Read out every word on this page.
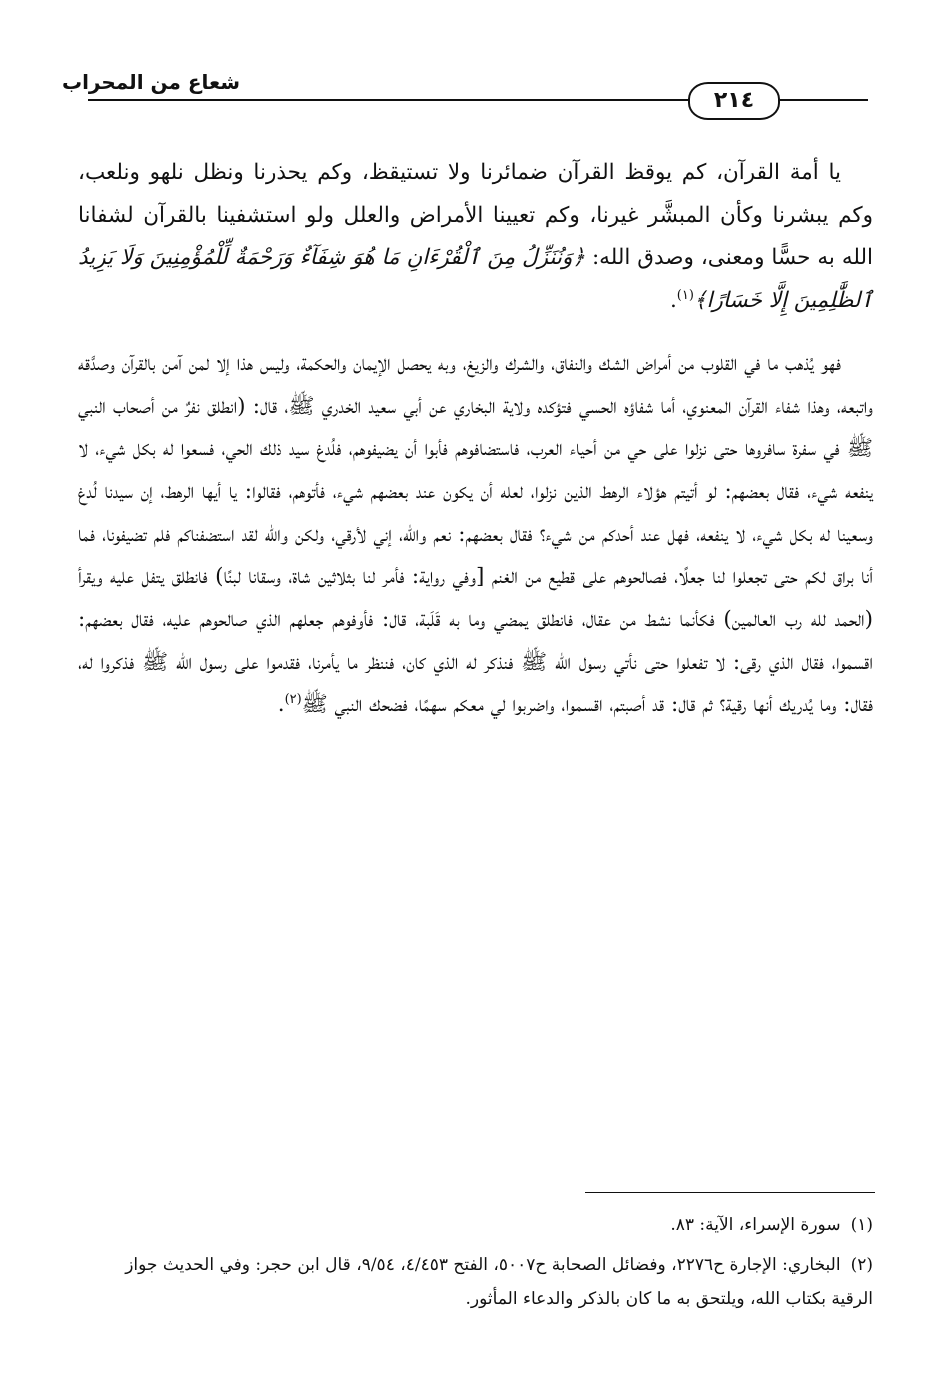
شعاع من المحراب
٢١٤

يا أمة القرآن، كم يوقظ القرآن ضمائرنا ولا تستيقظ، وكم يحذرنا ونظل نلهو ونلعب، وكم يبشرنا وكأن المبشَّر غيرنا، وكم تعيينا الأمراض والعلل ولو استشفينا بالقرآن لشفانا الله به حسًّا ومعنى، وصدق الله: ﴿وَنُنَزِّلُ مِنَ ٱلْقُرْءَانِ مَا هُوَ شِفَآءٌ وَرَحْمَةٌ لِّلْمُؤْمِنِينَ وَلَا يَزِيدُ ٱلظَّٰلِمِينَ إِلَّا خَسَارًا﴾$^{(١)}$.

فهو يُذهب ما في القلوب من أمراض الشك والنفاق، والشرك والزيغ، وبه يحصل الإيمان والحكمة، وليس هذا إلا لمن آمن بالقرآن وصدَّقه واتبعه، وهذا شفاء القرآن المعنوي، أما شفاؤه الحسي فتؤكده ولاية البخاري عن أبي سعيد الخدري ﷺ، قال: (انطلق نفرٌ من أصحاب النبي ﷺ في سفرة سافروها حتى نزلوا على حي من أحياء العرب، فاستضافوهم فأبوا أن يضيفوهم، فلُدغ سيد ذلك الحي، فسعوا له بكل شيء، لا ينفعه شيء، فقال بعضهم: لو أتيتم هؤلاء الرهط الذين نزلوا، لعله أن يكون عند بعضهم شيء، فأتوهم، فقالوا: يا أيها الرهط، إن سيدنا لُدغ وسعينا له بكل شيء، لا ينفعه، فهل عند أحدكم من شيء؟ فقال بعضهم: نعم والله، إني لأرقي، ولكن والله لقد استضفناكم فلم تضيفونا، فما أنا براق لكم حتى تجعلوا لنا جعلًا، فصالحوهم على قطيع من الغنم [وفي رواية: فأمر لنا بثلاثين شاة، وسقانا لبنًا) فانطلق يتفل عليه ويقرأ (الحمد لله رب العالمين) فكأنما نشط من عقال، فانطلق يمضي وما به قَلَبة، قال: فأوفوهم جعلهم الذي صالحوهم عليه، فقال بعضهم: اقسموا، فقال الذي رقى: لا تفعلوا حتى نأتي رسول الله ﷺ فنذكر له الذي كان، فننظر ما يأمرنا، فقدموا على رسول الله ﷺ فذكروا له، فقال: وما يُدريك أنها رقية؟ ثم قال: قد أصبتم، اقسموا، واضربوا لي معكم سهمًا، فضحك النبي ﷺ$^{(٢)}$.

(١)سورة الإسراء، الآية: ٨٣.
(٢)البخاري: الإجارة ح٢٢٧٦، وفضائل الصحابة ح٥٠٠٧، الفتح ٤/٤٥٣، ٩/٥٤، قال ابن حجر: وفي الحديث جواز الرقية بكتاب الله، ويلتحق به ما كان بالذكر والدعاء المأثور.
